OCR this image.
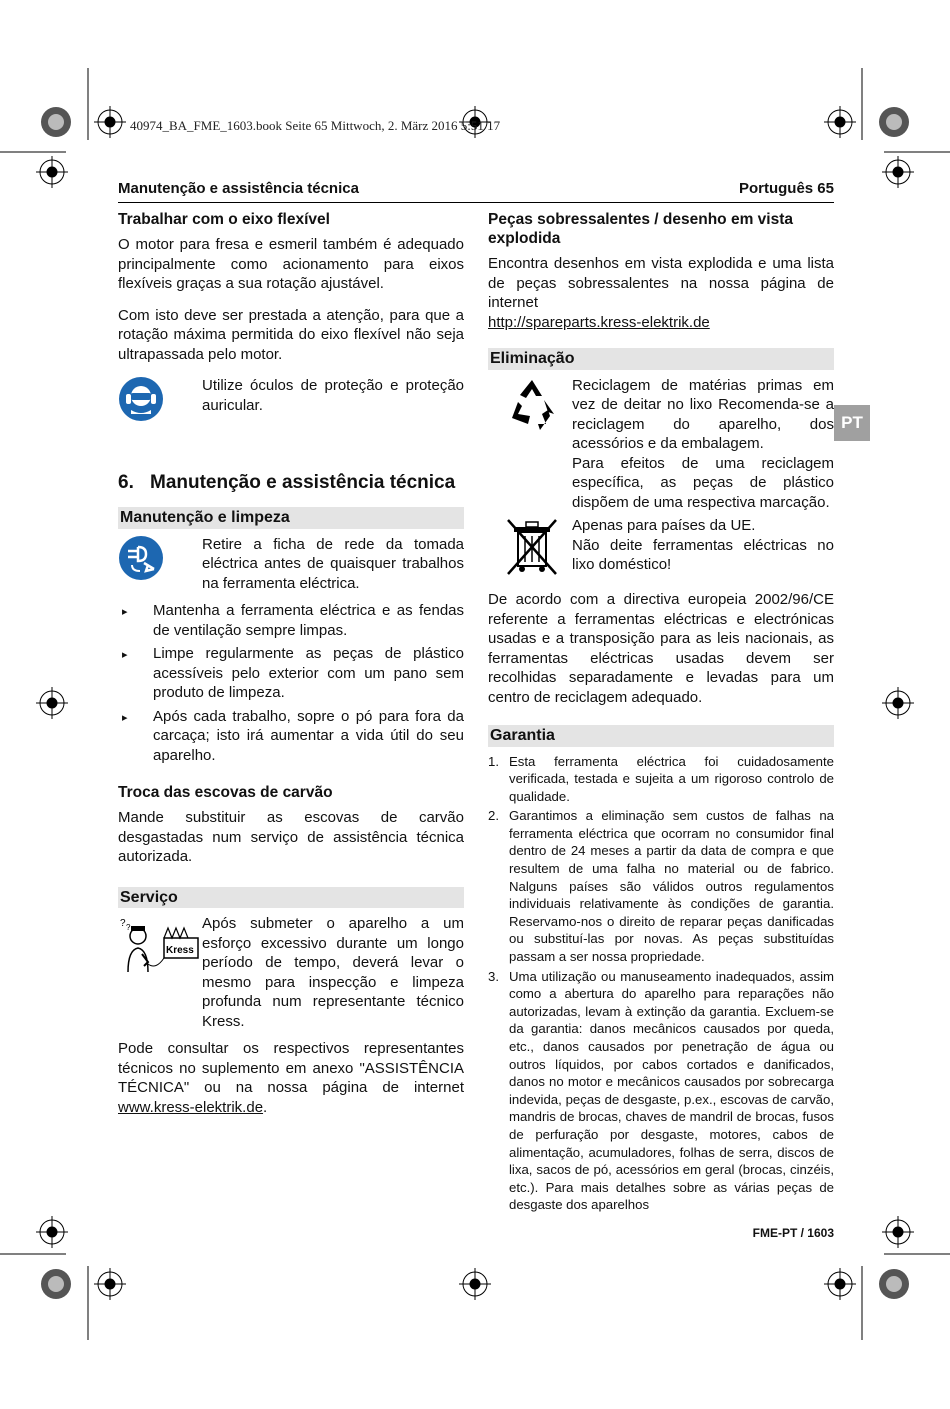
40974_BA_FME_1603.book Seite 65 Mittwoch, 2. März 2016 5:51 17
Manutenção e assistência técnica	Português 65
PT
Trabalhar com o eixo flexível

O motor para fresa e esmeril também é adequado principalmente como acionamento para eixos flexíveis graças a sua rotação ajustável.

Com isto deve ser prestada a atenção, para que a rotação máxima permitida do eixo flexível não seja ultrapassada pelo motor.

Utilize óculos de proteção e proteção auricular.
6. Manutenção e assistência técnica
Manutenção e limpeza
Retire a ficha de rede da tomada eléctrica antes de quaisquer trabalhos na ferramenta eléctrica.
▸	Mantenha a ferramenta eléctrica e as fendas de ventilação sempre limpas.
▸	Limpe regularmente as peças de plástico acessíveis pelo exterior com um pano sem produto de limpeza.
▸	Após cada trabalho, sopre o pó para fora da carcaça; isto irá aumentar a vida útil do seu aparelho.
Troca das escovas de carvão

Mande substituir as escovas de carvão desgastadas num serviço de assistência técnica autorizada.

Serviço
? ?
Kress
Após submeter o aparelho a um esforço excessivo durante um longo período de tempo, deverá levar o mesmo para inspecção e limpeza profunda num representante técnico Kress.

Pode consultar os respectivos representantes técnicos no suplemento em anexo "ASSISTÊNCIA TÉCNICA" ou na nossa página de internet www.kress-elektrik.de.

Peças sobressalentes / desenho em vista explodida

Encontra desenhos em vista explodida e uma lista de peças sobressalentes na nossa página de internet
http://spareparts.kress-elektrik.de

Eliminação
Reciclagem de matérias primas em vez de deitar no lixo Recomenda-se a reciclagem do aparelho, dos acessórios e da embalagem.
Para efeitos de uma reciclagem específica, as peças de plástico dispõem de uma respectiva marcação.
Apenas para países da UE.
Não deite ferramentas eléctricas no lixo doméstico!

De acordo com a directiva europeia 2002/96/CE referente a ferramentas eléctricas e electrónicas usadas e a transposição para as leis nacionais, as ferramentas eléctricas usadas devem ser recolhidas separadamente e levadas para um centro de reciclagem adequado.

Garantia
1. Esta ferramenta eléctrica foi cuidadosamente verificada, testada e sujeita a um rigoroso controlo de qualidade.
2. Garantimos a eliminação sem custos de falhas na ferramenta eléctrica que ocorram no consumidor final dentro de 24 meses a partir da data de compra e que resultem de uma falha no material ou de fabrico. Nalguns países são válidos outros regulamentos individuais relativamente às condições de garantia. Reservamo-nos o direito de reparar peças danificadas ou substituí-las por novas. As peças substituídas passam a ser nossa propriedade.
3. Uma utilização ou manuseamento inadequados, assim como a abertura do aparelho para reparações não autorizadas, levam à extinção da garantia. Excluem-se da garantia: danos mecânicos causados por queda, etc., danos causados por penetração de água ou outros líquidos, por cabos cortados e danificados, danos no motor e mecânicos causados por sobrecarga indevida, peças de desgaste, p.ex., escovas de carvão, mandris de brocas, chaves de mandril de brocas, fusos de perfuração por desgaste, motores, cabos de alimentação, acumuladores, folhas de serra, discos de lixa, sacos de pó, acessórios em geral (brocas, cinzéis, etc.). Para mais detalhes sobre as várias peças de desgaste dos aparelhos
FME-PT / 1603
